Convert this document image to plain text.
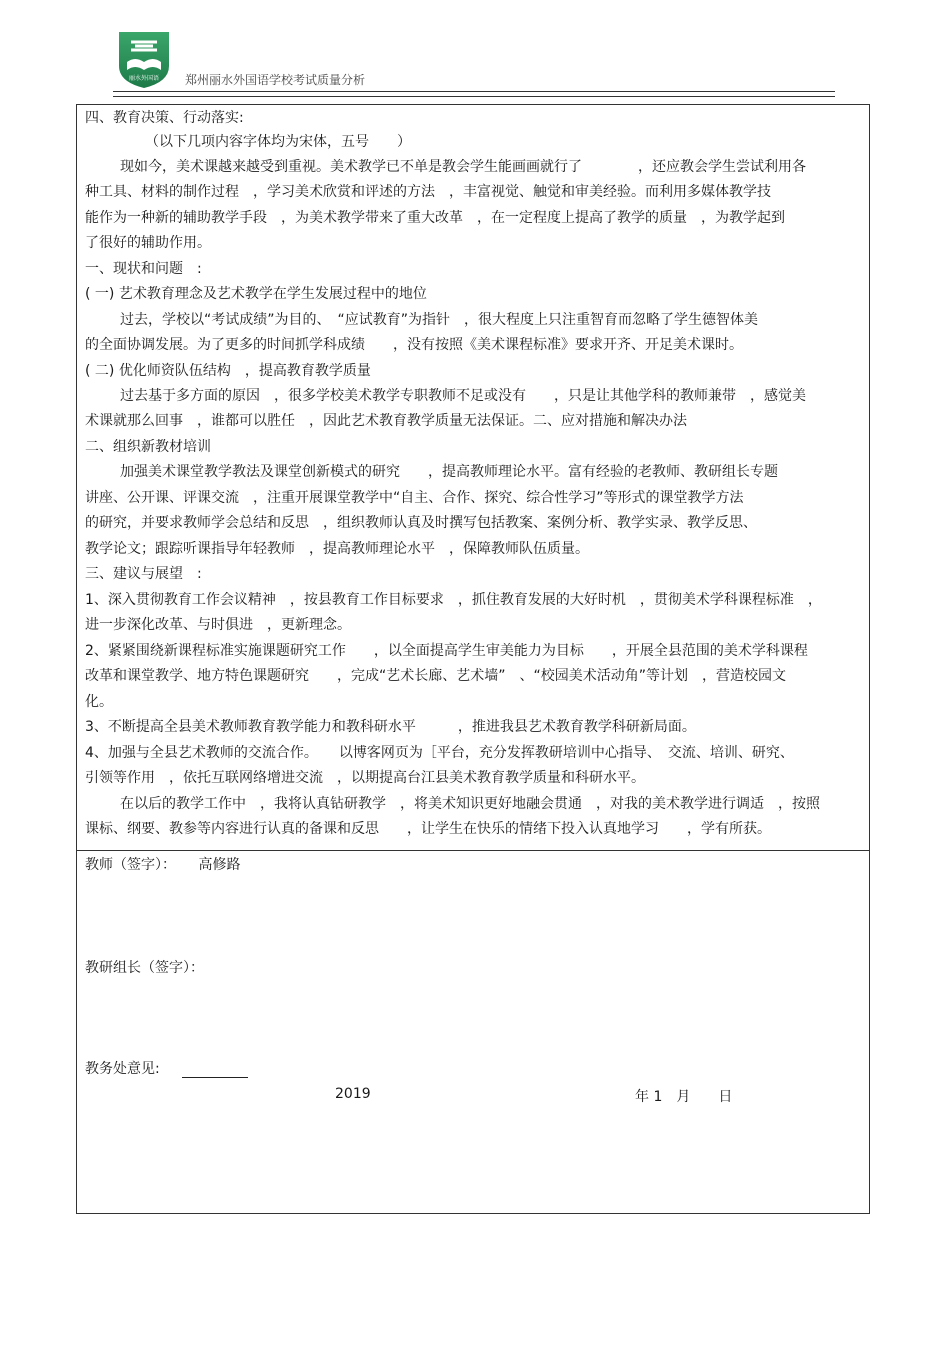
丽水外国语 郑州丽水外国语学校考试质量分析
四、教育决策、行动落实:
（以下几项内容字体均为宋体，五号　　）
现如今，美术课越来越受到重视。美术教学已不单是教会学生能画画就行了　　　　，还应教会学生尝试利用各
种工具、材料的制作过程　，学习美术欣赏和评述的方法　，丰富视觉、触觉和审美经验。而利用多媒体教学技
能作为一种新的辅助教学手段　，为美术教学带来了重大改革　，在一定程度上提高了教学的质量　，为教学起到
了很好的辅助作用。
一、现状和问题　:
( 一) 艺术教育理念及艺术教学在学生发展过程中的地位
过去，学校以“考试成绩”为目的、　“应试教育”为指针　，很大程度上只注重智育而忽略了学生德智体美
的全面协调发展。为了更多的时间抓学科成绩　　，没有按照《美术课程标准》要求开齐、开足美术课时。
( 二) 优化师资队伍结构　，提高教育教学质量
过去基于多方面的原因　，很多学校美术教学专职教师不足或没有　　，只是让其他学科的教师兼带　，感觉美
术课就那么回事　，谁都可以胜任　，因此艺术教育教学质量无法保证。二、应对措施和解决办法
二、组织新教材培训
加强美术课堂教学教法及课堂创新模式的研究　　，提高教师理论水平。富有经验的老教师、教研组长专题
讲座、公开课、评课交流　，注重开展课堂教学中“自主、合作、探究、综合性学习”等形式的课堂教学方法
的研究，并要求教师学会总结和反思　，组织教师认真及时撰写包括教案、案例分析、教学实录、教学反思、
教学论文；跟踪听课指导年轻教师　，提高教师理论水平　，保障教师队伍质量。
三、建议与展望　:
1、深入贯彻教育工作会议精神　，按县教育工作目标要求　，抓住教育发展的大好时机　，贯彻美术学科课程标准　，
进一步深化改革、与时俱进　，更新理念。
2、紧紧围绕新课程标准实施课题研究工作　　，以全面提高学生审美能力为目标　　，开展全县范围的美术学科课程
改革和课堂教学、地方特色课题研究　　，完成“艺术长廊、艺术墙”　、“校园美术活动角”等计划　，营造校园文
化。
3、不断提高全县美术教师教育教学能力和教科研水平　　　，推进我县艺术教育教学科研新局面。
4、加强与全县艺术教师的交流合作。　　以博客网页为［平台，充分发挥教研培训中心指导、　交流、培训、研究、
引领等作用　，依托互联网络增进交流　，以期提高台江县美术教育教学质量和科研水平。
在以后的教学工作中　，我将认真钻研教学　，将美术知识更好地融会贯通　，对我的美术教学进行调适　，按照
课标、纲要、教参等内容进行认真的备课和反思　　，让学生在快乐的情绪下投入认真地学习　　，学有所获。
教师（签字）： 高修路
教研组长（签字）：
教务处意见:
2019	年 1　月　　日
